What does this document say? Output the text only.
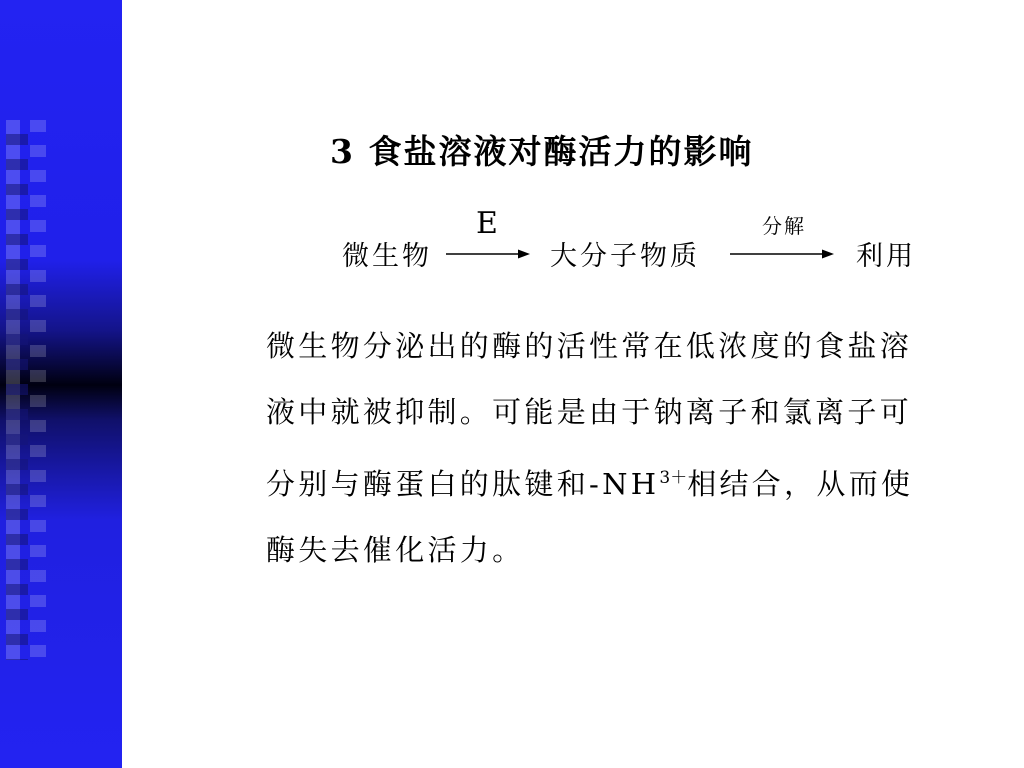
3 食盐溶液对酶活力的影响
微生物
E
大分子物质
分解
利用
微生物分泌出的酶的活性常在低浓度的食盐溶
液中就被抑制。可能是由于钠离子和氯离子可
分别与酶蛋白的肽键和$-NH^{3+}$相结合，从而使
酶失去催化活力。
